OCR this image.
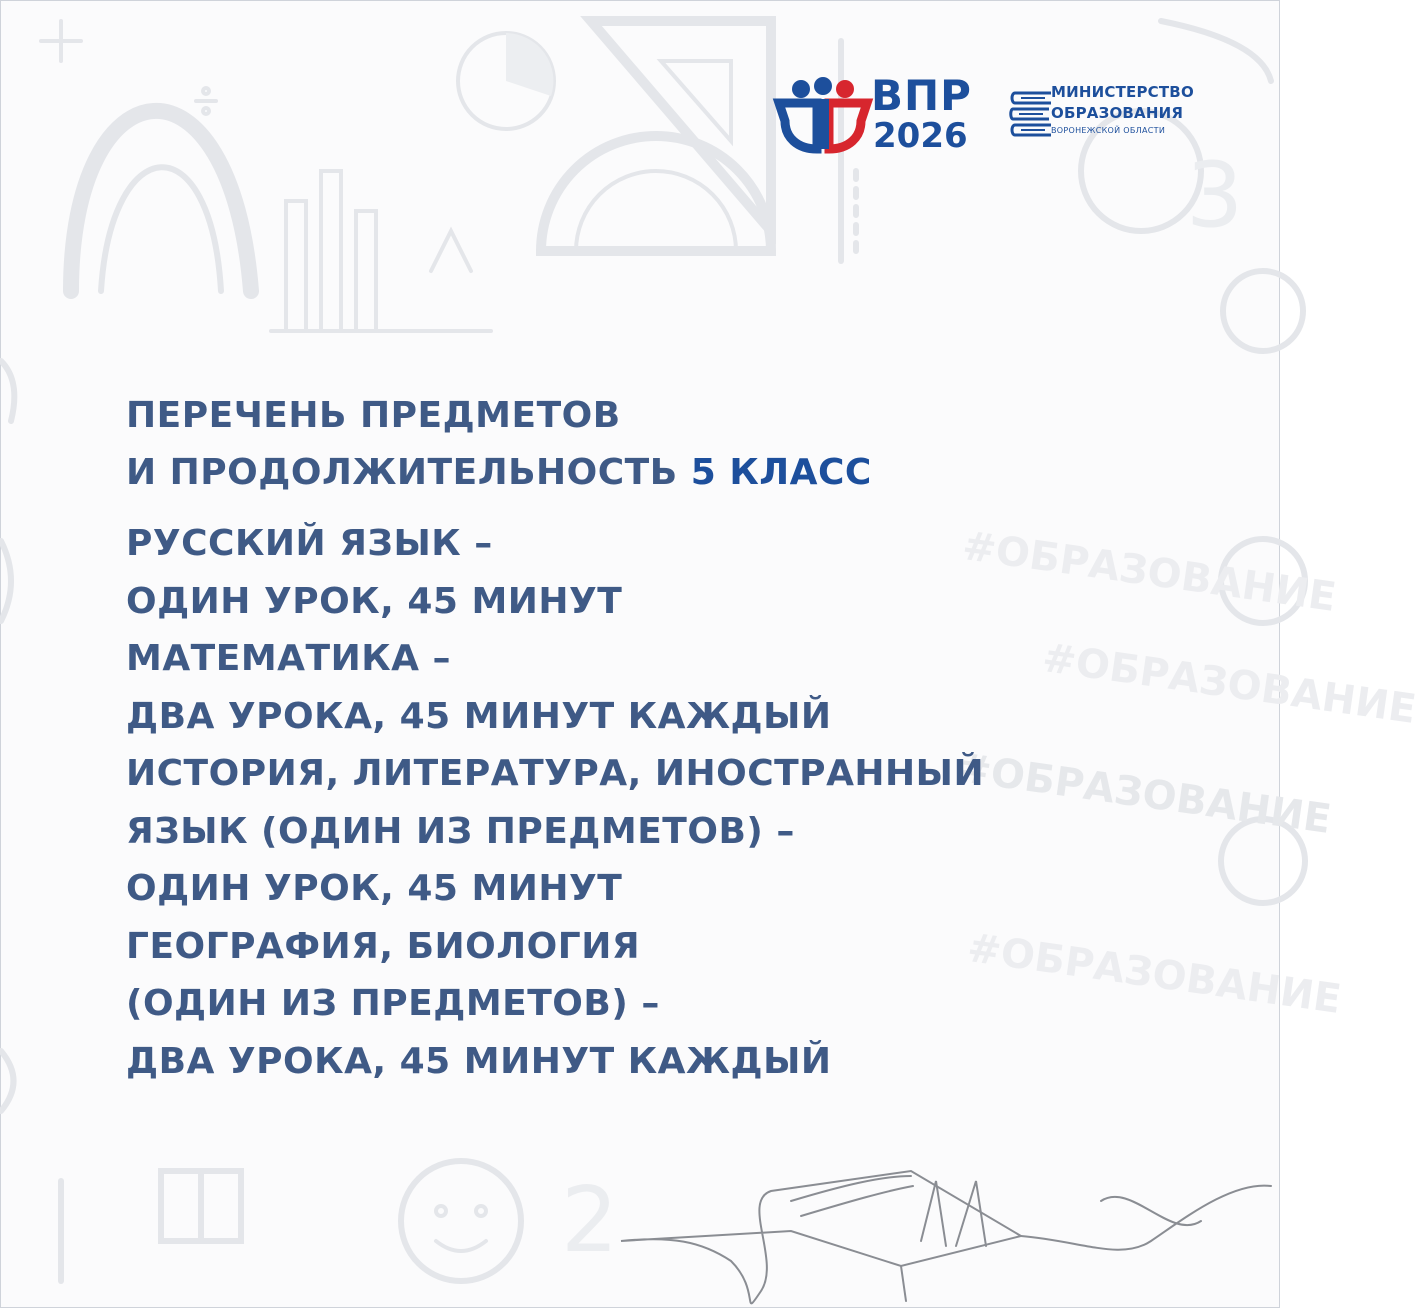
3
2
#ОБРАЗОВАНИЕ
#ОБРАЗОВАНИЕ
#ОБРАЗОВАНИЕ
#ОБРАЗОВАНИЕ
ВПР
2026
МИНИСТЕРСТВО
ОБРАЗОВАНИЯ
ВОРОНЕЖСКОЙ ОБЛАСТИ
ПЕРЕЧЕНЬ ПРЕДМЕТОВ
И ПРОДОЛЖИТЕЛЬНОСТЬ 5 КЛАСС
РУССКИЙ ЯЗЫК –
ОДИН УРОК, 45 МИНУТ
МАТЕМАТИКА –
ДВА УРОКА, 45 МИНУТ КАЖДЫЙ
ИСТОРИЯ, ЛИТЕРАТУРА, ИНОСТРАННЫЙ
ЯЗЫК (ОДИН ИЗ ПРЕДМЕТОВ) –
ОДИН УРОК, 45 МИНУТ
ГЕОГРАФИЯ, БИОЛОГИЯ
(ОДИН ИЗ ПРЕДМЕТОВ) –
ДВА УРОКА, 45 МИНУТ КАЖДЫЙ
